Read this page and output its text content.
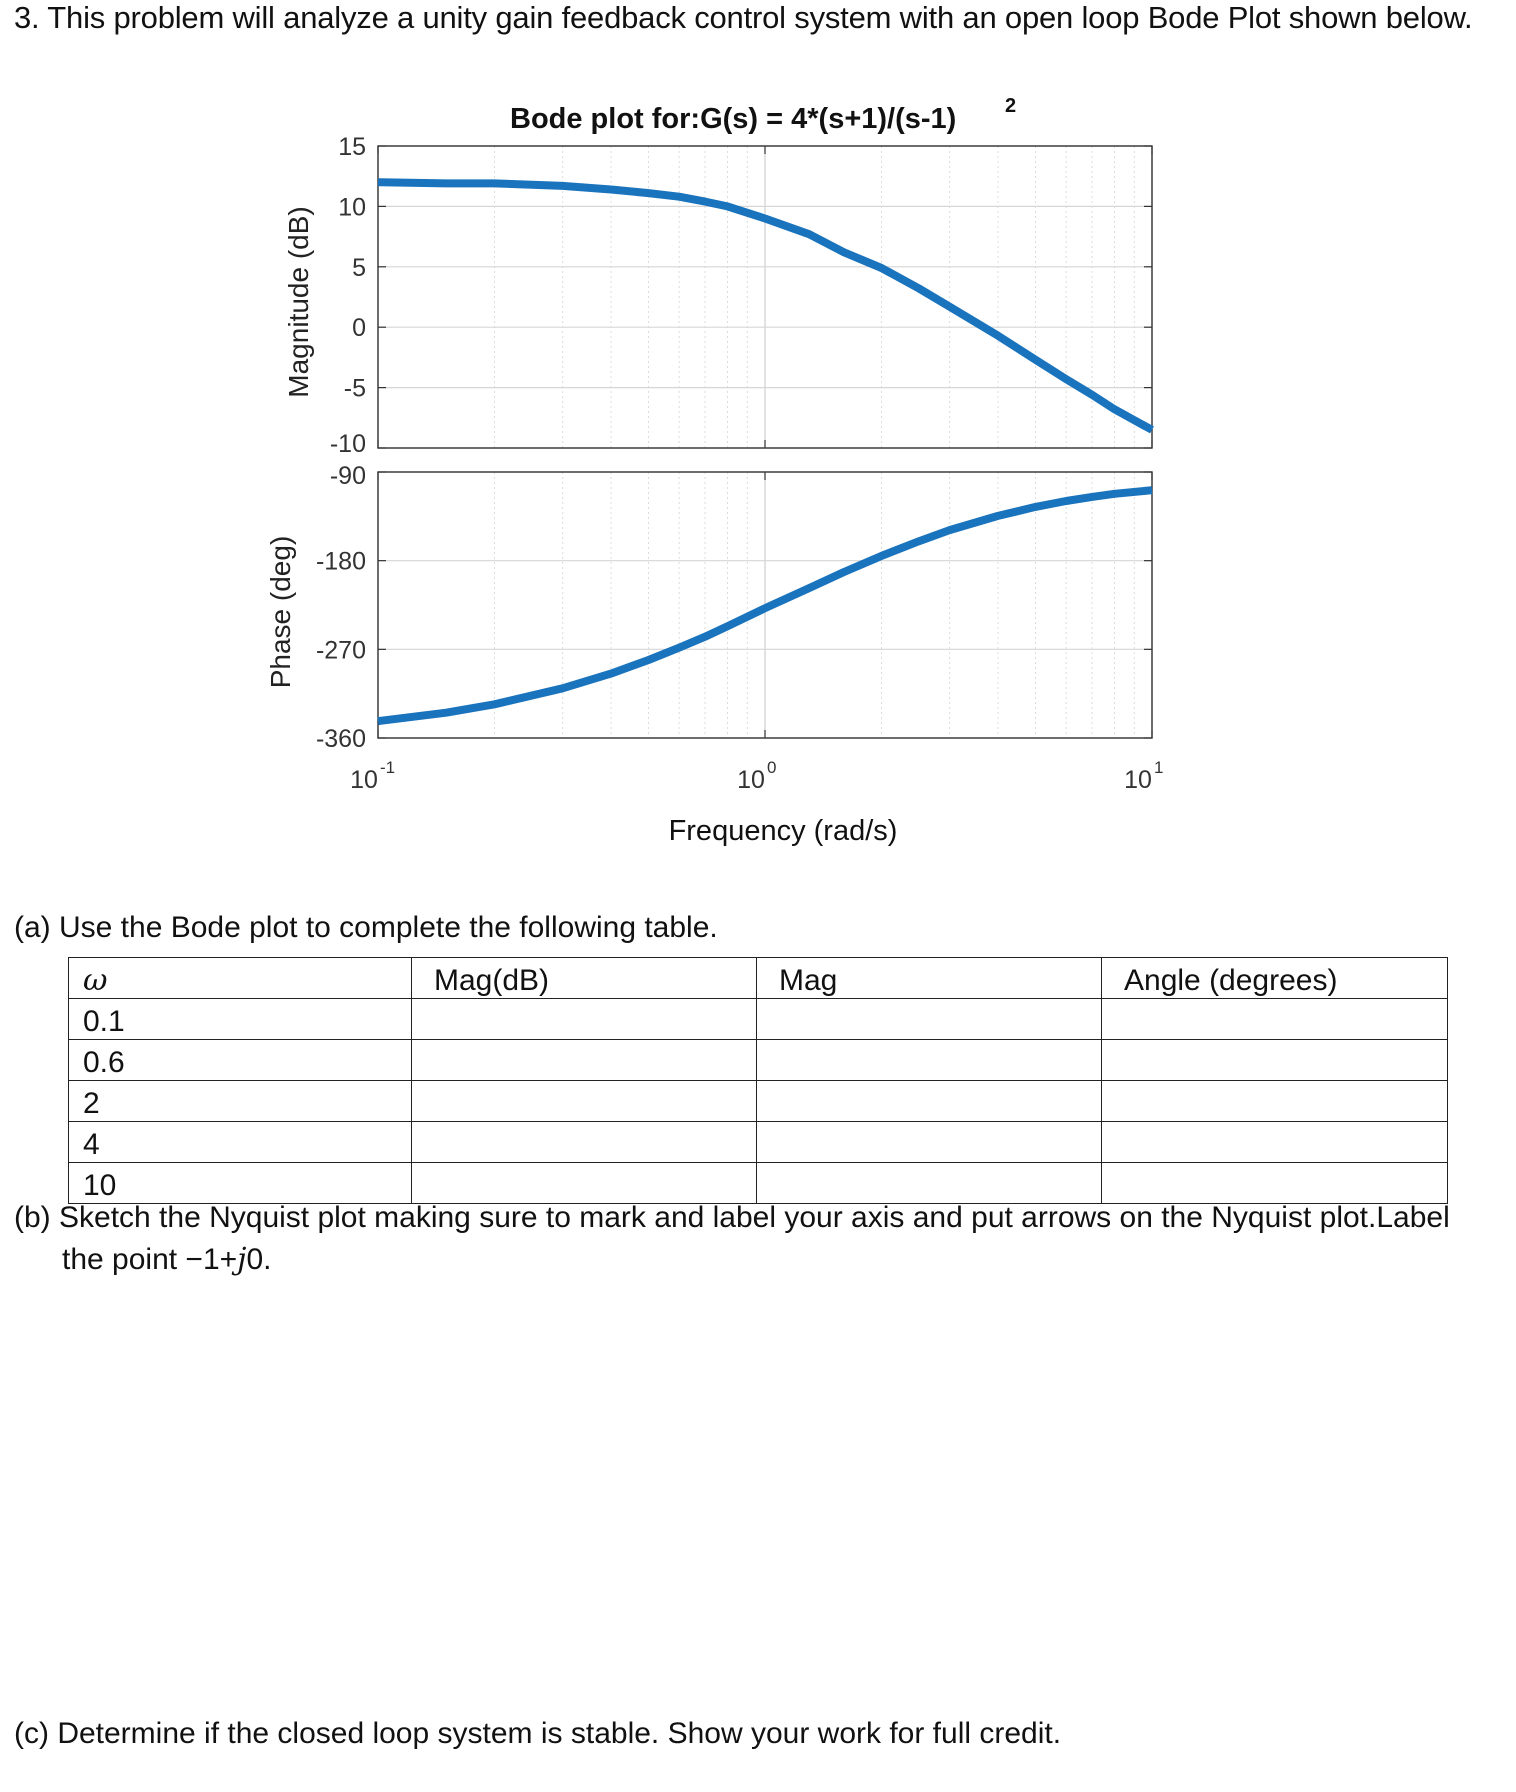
3. This problem will analyze a unity gain feedback control system with an open loop Bode Plot shown below.
Bode plot for:G(s) = 4*(s+1)/(s-1) 2
15
10
5
0
-5
-10
-90
-180
-270
-360
10 -1	10 0	10 1
Magnitude (dB)
Phase (deg)
Frequency (rad/s)
(a) Use the Bode plot to complete the following table.
ω	Mag(dB)	Mag	Angle (degrees)
0.1			
0.6			
2			
4			
10			
(b) Sketch the Nyquist plot making sure to mark and label your axis and put arrows on the Nyquist plot.Label
the point −1+j0.
(c) Determine if the closed loop system is stable. Show your work for full credit.
